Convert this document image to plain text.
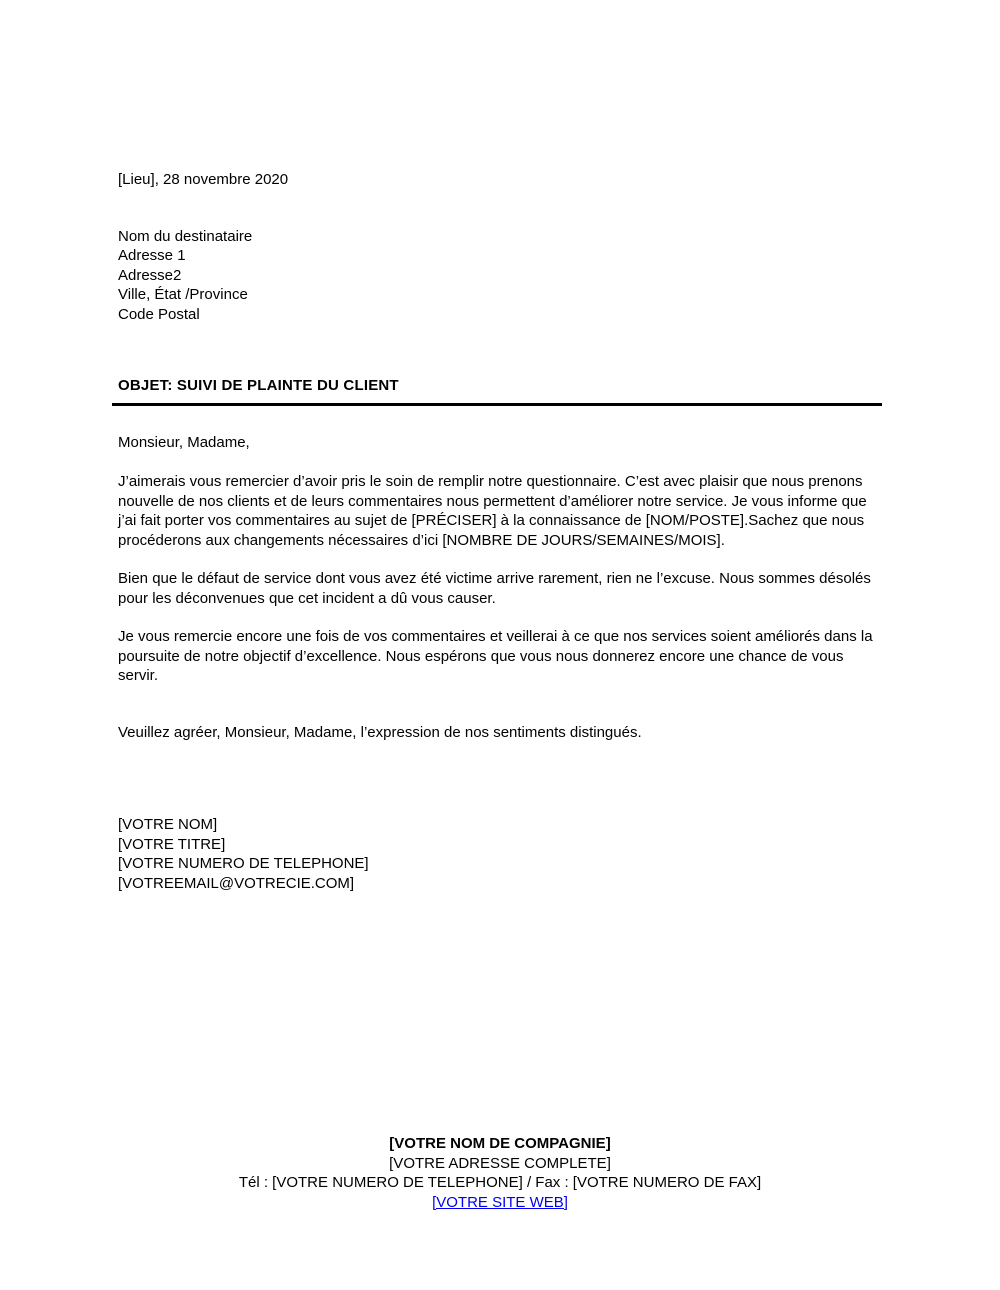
[Lieu], 28 novembre 2020

Nom du destinataire
Adresse 1
Adresse2
Ville, État /Province
Code Postal
OBJET: SUIVI DE PLAINTE DU CLIENT

Monsieur, Madame,

J’aimerais vous remercier d’avoir pris le soin de remplir notre questionnaire. C’est avec plaisir que nous prenons nouvelle de nos clients et de leurs commentaires nous permettent d’améliorer notre service. Je vous informe que j’ai fait porter vos commentaires au sujet de [PRÉCISER] à la connaissance de [NOM/POSTE].Sachez que nous procéderons aux changements nécessaires d’ici [NOMBRE DE JOURS/SEMAINES/MOIS].

Bien que le défaut de service dont vous avez été victime arrive rarement, rien ne l’excuse. Nous sommes désolés pour les déconvenues que cet incident a dû vous causer.

Je vous remercie encore une fois de vos commentaires et veillerai à ce que nos services soient améliorés dans la poursuite de notre objectif d’excellence. Nous espérons que vous nous donnerez encore une chance de vous servir.

Veuillez agréer, Monsieur, Madame, l’expression de nos sentiments distingués.

[VOTRE NOM]
[VOTRE TITRE]
[VOTRE NUMERO DE TELEPHONE]
[VOTREEMAIL@VOTRECIE.COM]
[VOTRE NOM DE COMPAGNIE]
[VOTRE ADRESSE COMPLETE]
Tél : [VOTRE NUMERO DE TELEPHONE] / Fax : [VOTRE NUMERO DE FAX]
[VOTRE SITE WEB]
